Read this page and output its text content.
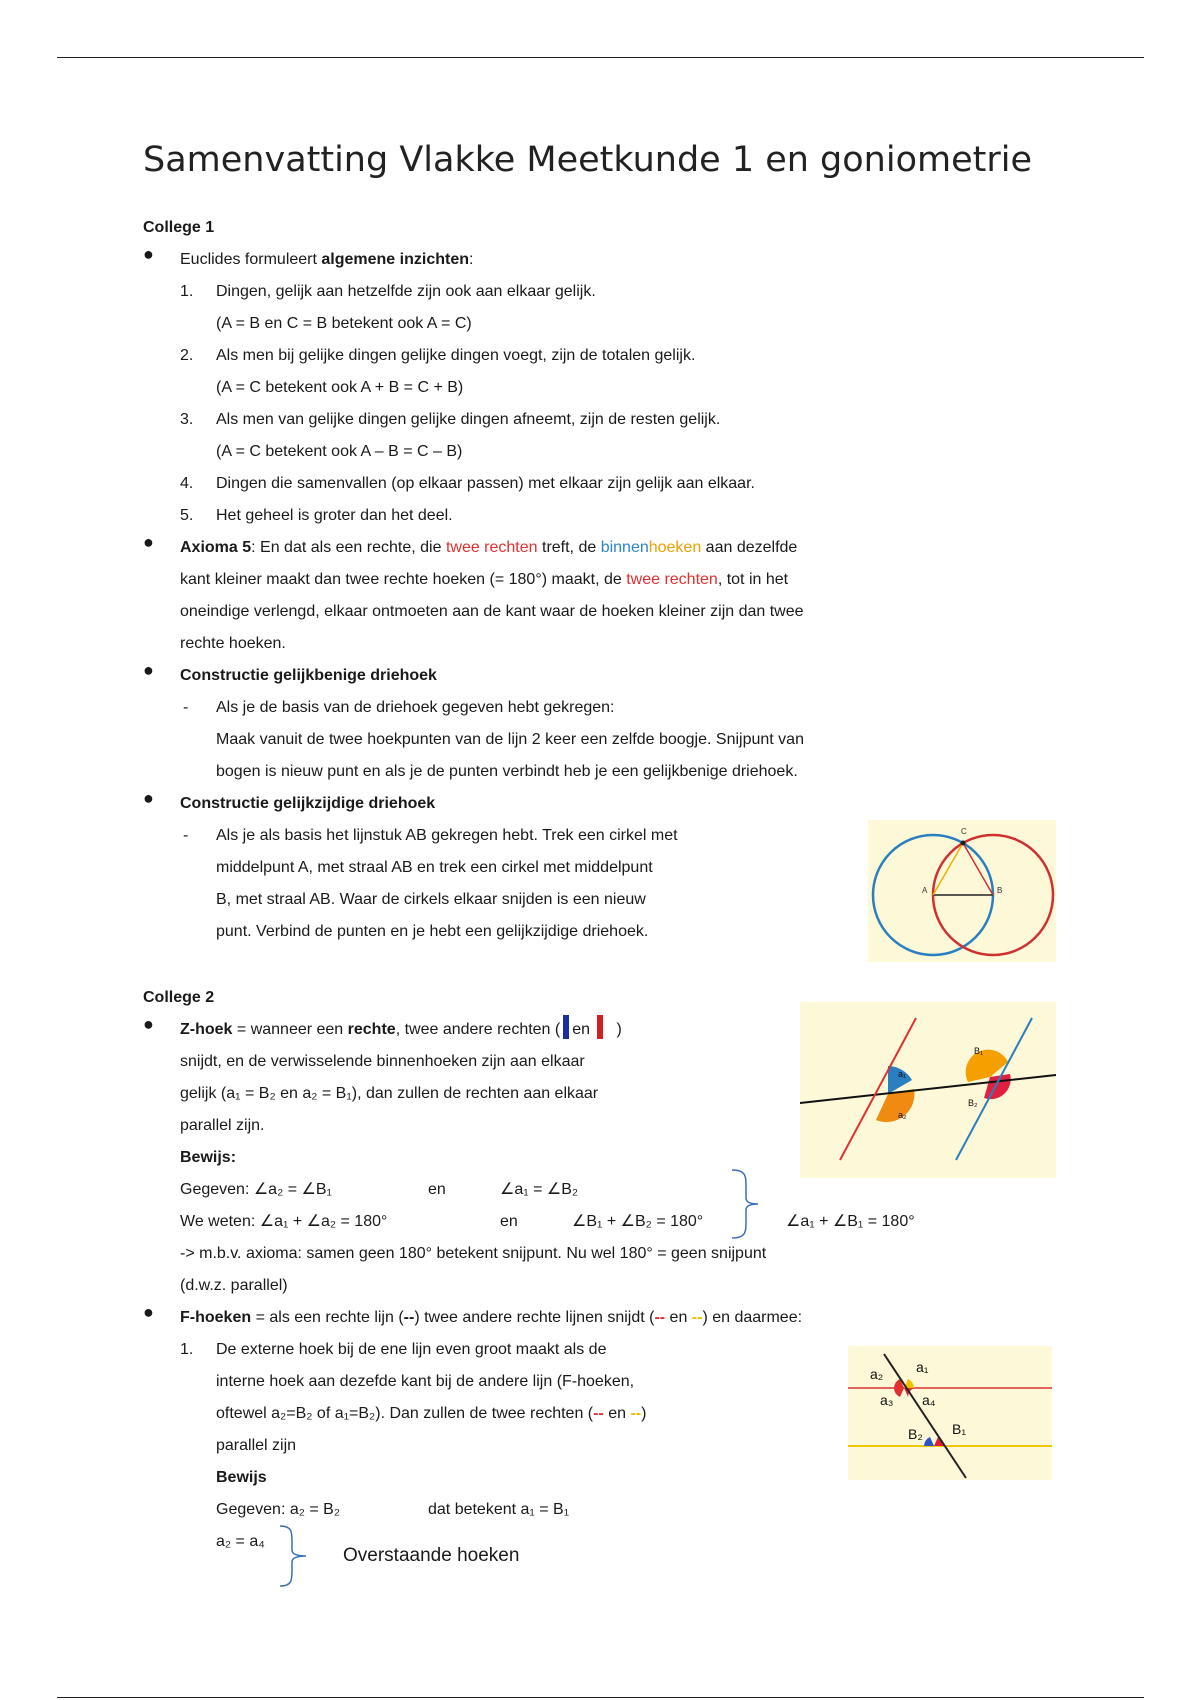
Samenvatting Vlakke Meetkunde 1 en goniometrie
College 1
● Euclides formuleert algemene inzichten:
1. Dingen, gelijk aan hetzelfde zijn ook aan elkaar gelijk.
(A = B en C = B betekent ook A = C)
2. Als men bij gelijke dingen gelijke dingen voegt, zijn de totalen gelijk.
(A = C betekent ook A + B = C + B)
3. Als men van gelijke dingen gelijke dingen afneemt, zijn de resten gelijk.
(A = C betekent ook A – B = C – B)
4. Dingen die samenvallen (op elkaar passen) met elkaar zijn gelijk aan elkaar.
5. Het geheel is groter dan het deel.
● Axioma 5: En dat als een rechte, die twee rechten treft, de binnenhoeken aan dezelfde
kant kleiner maakt dan twee rechte hoeken (= 180°) maakt, de twee rechten, tot in het
oneindige verlengd, elkaar ontmoeten aan de kant waar de hoeken kleiner zijn dan twee
rechte hoeken.
● Constructie gelijkbenige driehoek
- Als je de basis van de driehoek gegeven hebt gekregen:
Maak vanuit de twee hoekpunten van de lijn 2 keer een zelfde boogje. Snijpunt van
bogen is nieuw punt en als je de punten verbindt heb je een gelijkbenige driehoek.
● Constructie gelijkzijdige driehoek
- Als je als basis het lijnstuk AB gekregen hebt. Trek een cirkel met
middelpunt A, met straal AB en trek een cirkel met middelpunt
B, met straal AB. Waar de cirkels elkaar snijden is een nieuw
punt. Verbind de punten en je hebt een gelijkzijdige driehoek.
C
A	B
College 2
● Z-hoek = wanneer een rechte, twee andere rechten ( en )
snijdt, en de verwisselende binnenhoeken zijn aan elkaar
gelijk (a₁ = B₂ en a₂ = B₁), dan zullen de rechten aan elkaar
parallel zijn.
Bewijs:
Gegeven: ∠a₂ = ∠B₁	en	∠a₁ = ∠B₂
We weten: ∠a₁ + ∠a₂ = 180°	en	∠B₁ + ∠B₂ = 180°	∠a₁ + ∠B₁ = 180°
-> m.b.v. axioma: samen geen 180° betekent snijpunt. Nu wel 180° = geen snijpunt
(d.w.z. parallel)
a₁
a₂
B₁
B₂
● F-hoeken = als een rechte lijn (--) twee andere rechte lijnen snijdt (-- en --) en daarmee:
1. De externe hoek bij de ene lijn even groot maakt als de
interne hoek aan dezefde kant bij de andere lijn (F-hoeken,
oftewel a₂=B₂ of a₁=B₂). Dan zullen de twee rechten (-- en --)
parallel zijn
Bewijs
Gegeven: a₂ = B₂	dat betekent a₁ = B₁
a₂ = a₄
Overstaande hoeken
a₂ a₁
a₃ a₄
B₂ B₁
